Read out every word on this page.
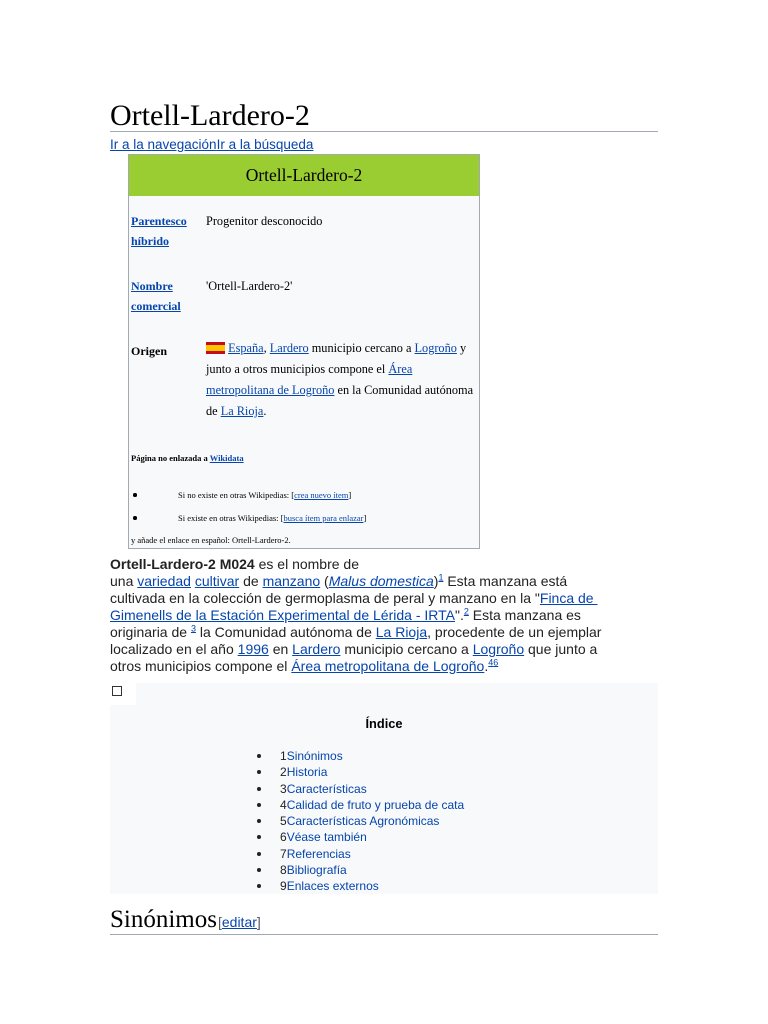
Ortell-Lardero-2
Ir a la navegaciónIr a la búsqueda
Ortell-Lardero-2
Parentesco híbrido
Progenitor desconocido
Nombre comercial
'Ortell-Lardero-2'
Origen	España, Lardero municipio cercano a Logroño y
junto a otros municipios compone el Área
metropolitana de Logroño en la Comunidad autónoma
de La Rioja.
Página no enlazada a Wikidata
Si no existe en otras Wikipedias: [crea nuevo ítem]
Si existe en otras Wikipedias: [busca ítem para enlazar]
y añade el enlace en español: Ortell-Lardero-2.
Ortell-Lardero-2 M024 es el nombre de
una variedad cultivar de manzano (Malus domestica)$^1$ Esta manzana está
cultivada en la colección de germoplasma de peral y manzano en la "Finca de
Gimenells de la Estación Experimental de Lérida - IRTA".$^2$ Esta manzana es
originaria de $^3$ la Comunidad autónoma de La Rioja, procedente de un ejemplar
localizado en el año 1996 en Lardero municipio cercano a Logroño que junto a
otros municipios compone el Área metropolitana de Logroño.$^{46}$
Índice
1Sinónimos
2Historia
3Características
4Calidad de fruto y prueba de cata
5Características Agronómicas
6Véase también
7Referencias
8Bibliografía
9Enlaces externos
Sinónimos[editar]
